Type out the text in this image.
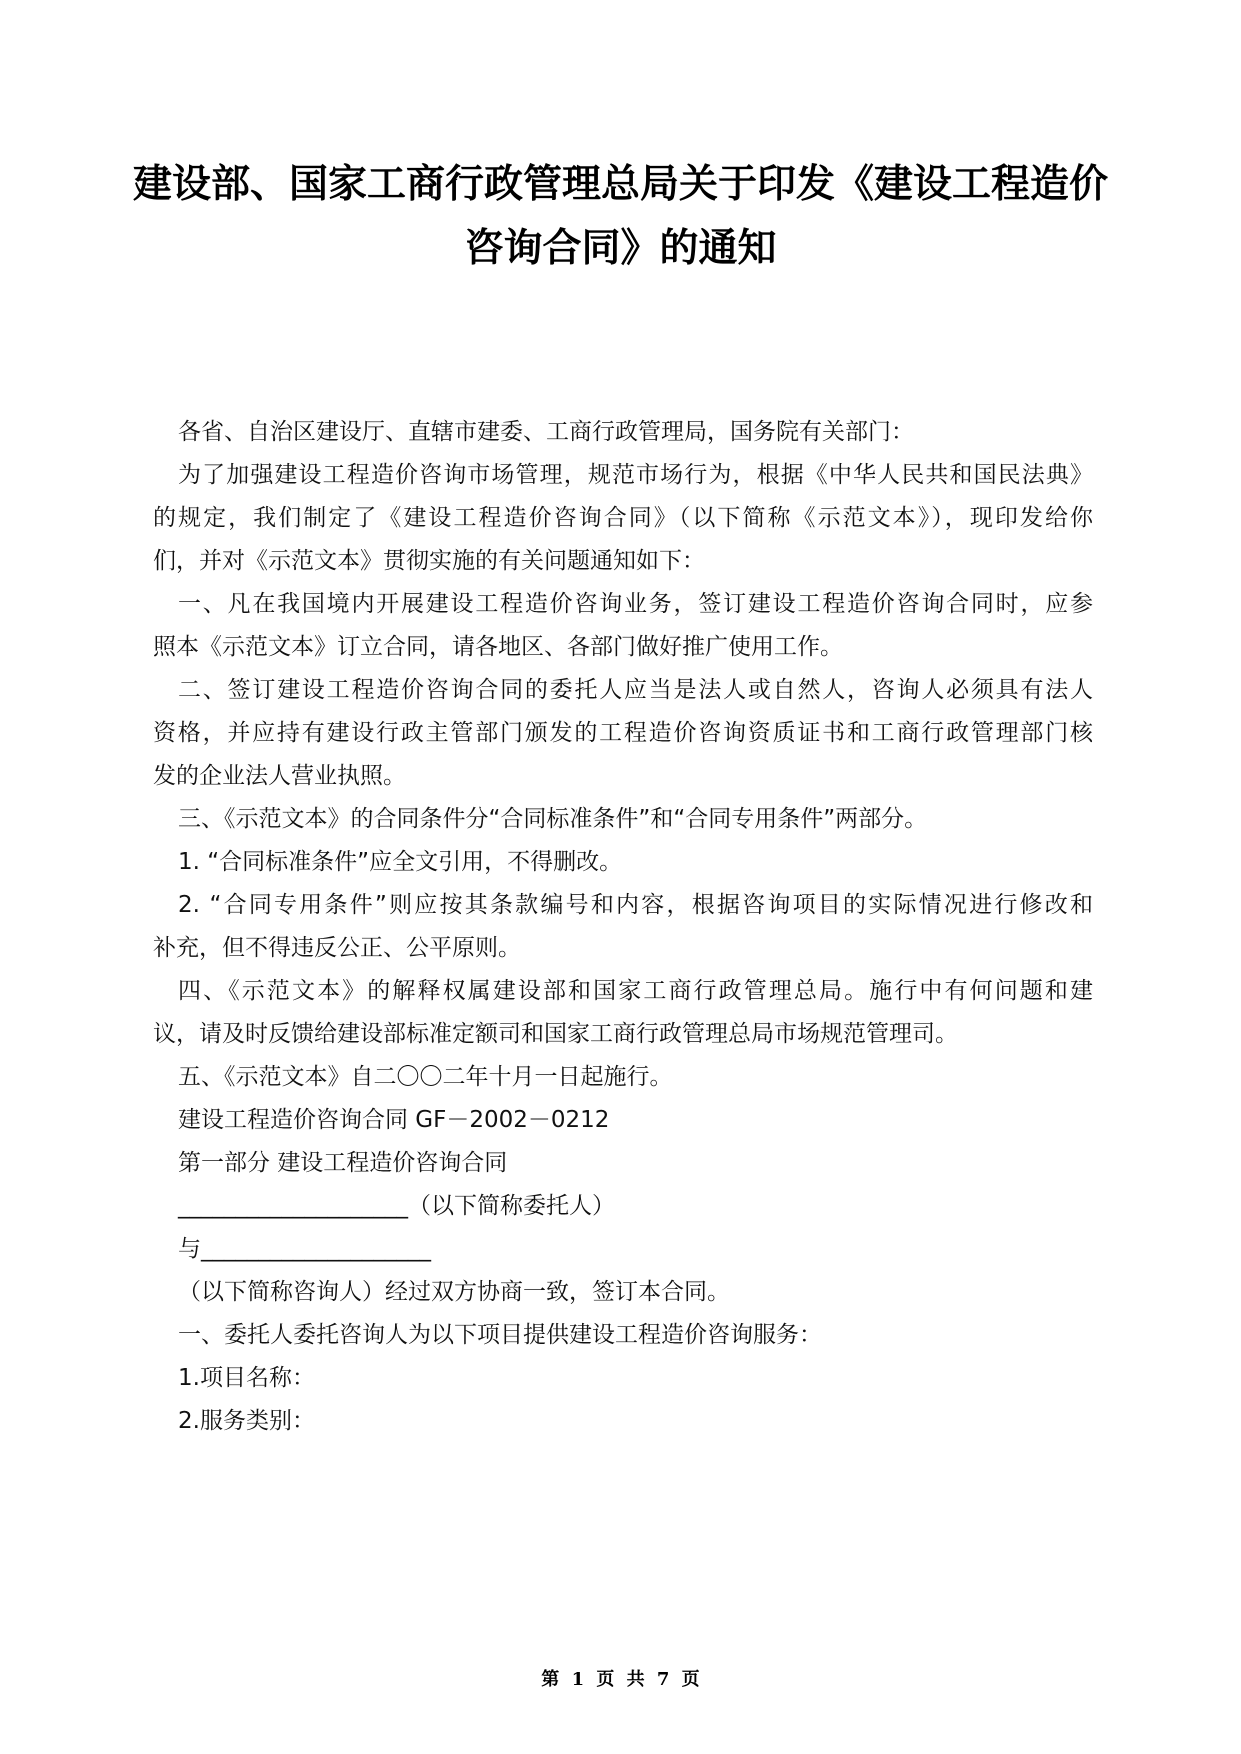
建设部、国家工商行政管理总局关于印发《建设工程造价
咨询合同》的通知
各省、自治区建设厅、直辖市建委、工商行政管理局，国务院有关部门：
为了加强建设工程造价咨询市场管理，规范市场行为，根据《中华人民共和国民法典》
的规定，我们制定了《建设工程造价咨询合同》（以下简称《示范文本》），现印发给你
们，并对《示范文本》贯彻实施的有关问题通知如下：
一、凡在我国境内开展建设工程造价咨询业务，签订建设工程造价咨询合同时，应参
照本《示范文本》订立合同，请各地区、各部门做好推广使用工作。
二、签订建设工程造价咨询合同的委托人应当是法人或自然人，咨询人必须具有法人
资格，并应持有建设行政主管部门颁发的工程造价咨询资质证书和工商行政管理部门核
发的企业法人营业执照。
三、《示范文本》的合同条件分“合同标准条件”和“合同专用条件”两部分。
1. “合同标准条件”应全文引用，不得删改。
2. “合同专用条件”则应按其条款编号和内容，根据咨询项目的实际情况进行修改和
补充，但不得违反公正、公平原则。
四、《示范文本》的解释权属建设部和国家工商行政管理总局。施行中有何问题和建
议，请及时反馈给建设部标准定额司和国家工商行政管理总局市场规范管理司。
五、《示范文本》自二〇〇二年十月一日起施行。
建设工程造价咨询合同 GF－2002－0212
第一部分 建设工程造价咨询合同
____________________（以下简称委托人）
与____________________
（以下简称咨询人）经过双方协商一致，签订本合同。
一、委托人委托咨询人为以下项目提供建设工程造价咨询服务：
1.项目名称：
2.服务类别：
第 1 页 共 7 页
